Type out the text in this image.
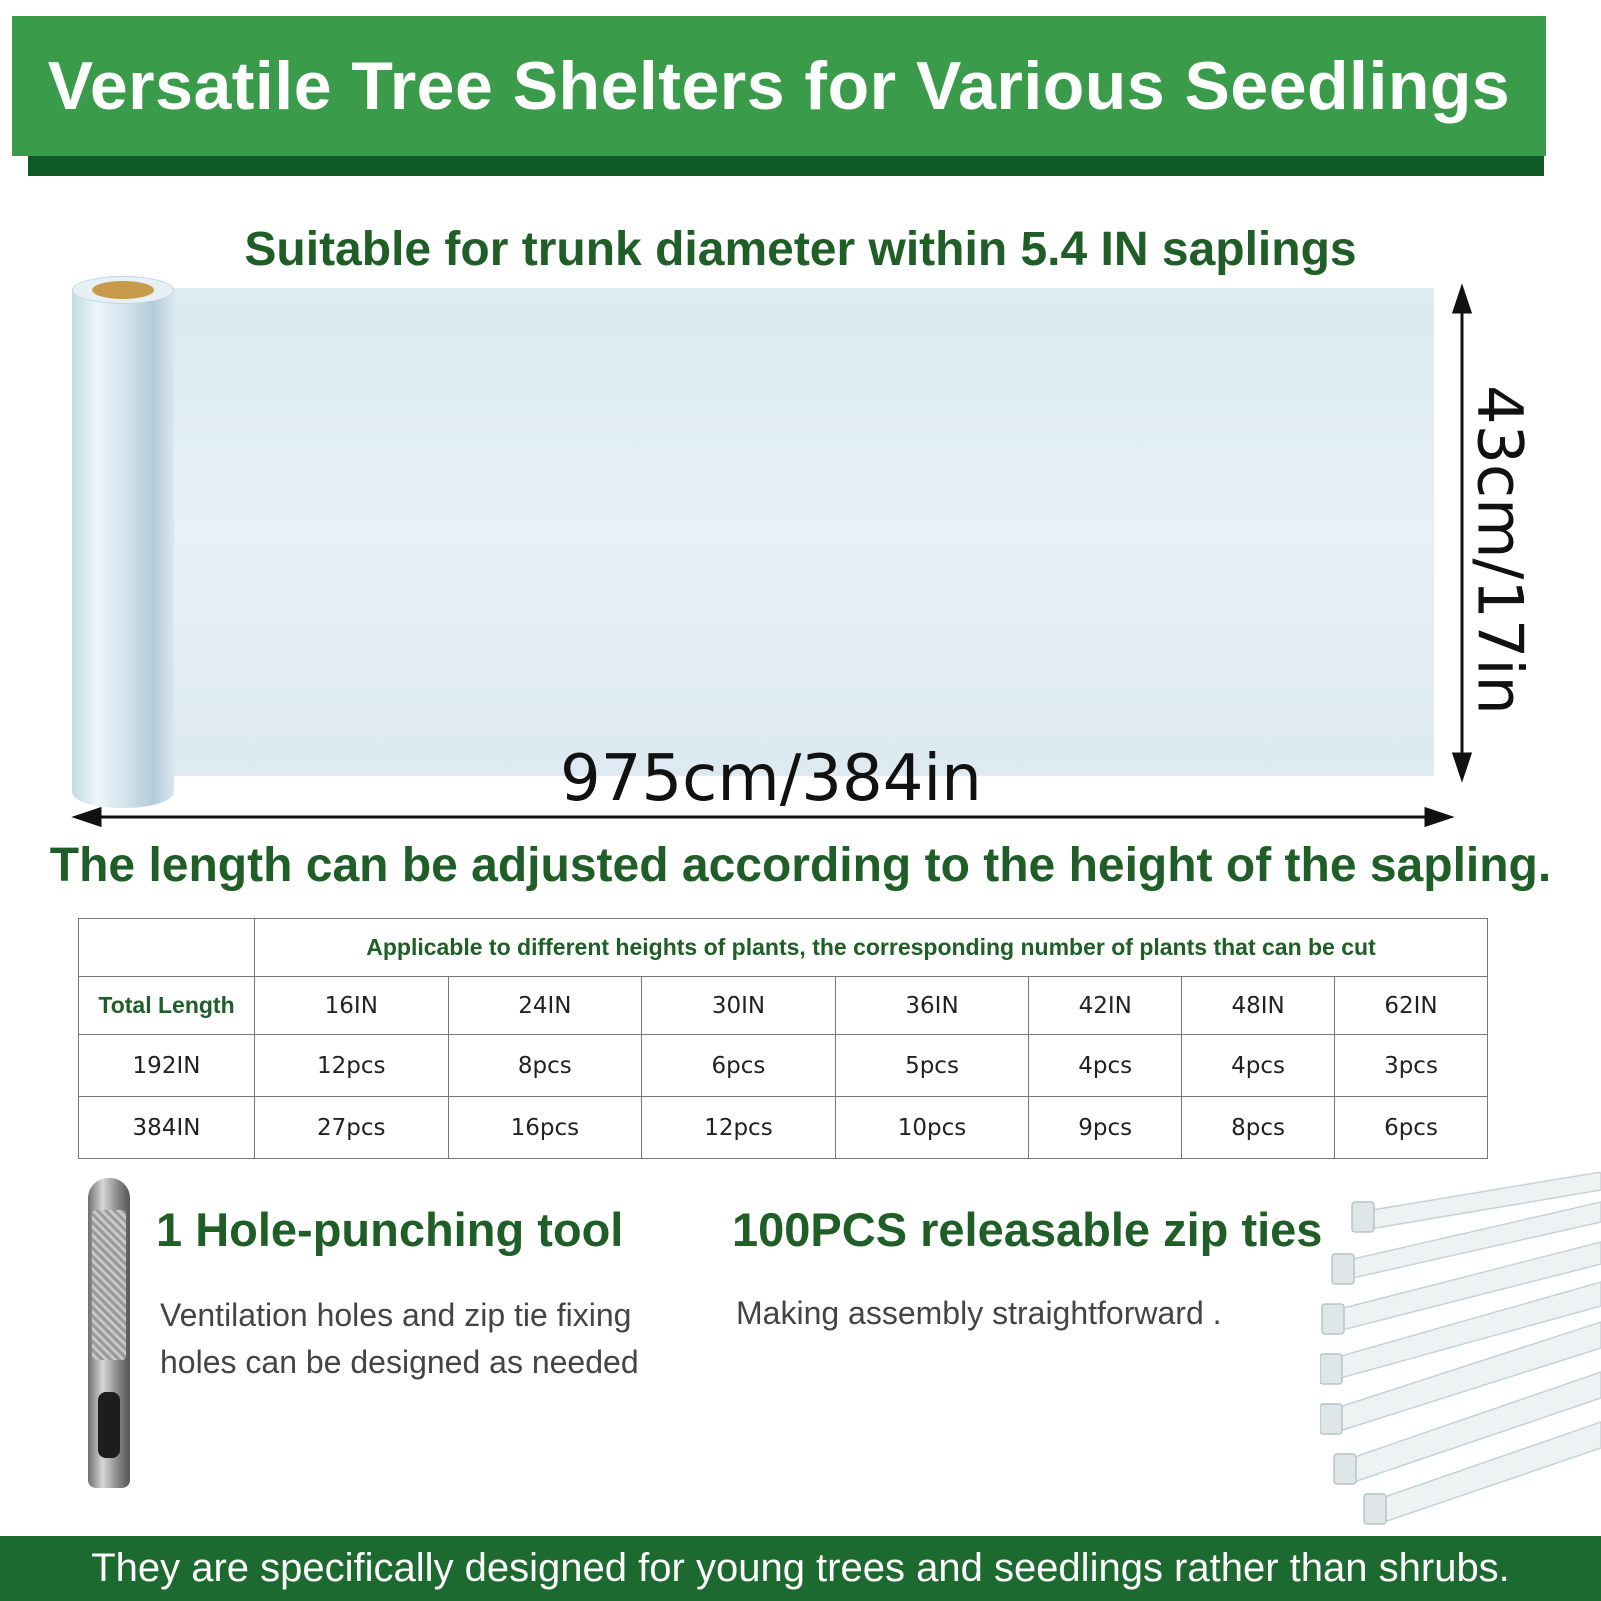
Versatile Tree Shelters for Various Seedlings
Suitable for trunk diameter within 5.4 IN saplings
975cm/384in
43cm/17in
The length can be adjusted according to the height of the sapling.
	Applicable to different heights of plants, the corresponding number of plants that can be cut						
Total Length	16IN	24IN	30IN	36IN	42IN	48IN	62IN
192IN	12pcs	8pcs	6pcs	5pcs	4pcs	4pcs	3pcs
384IN	27pcs	16pcs	12pcs	10pcs	9pcs	8pcs	6pcs
1 Hole-punching tool
Ventilation holes and zip tie fixing holes can be designed as needed
100PCS releasable zip ties
Making assembly straightforward .
They are specifically designed for young trees and seedlings rather than shrubs.
